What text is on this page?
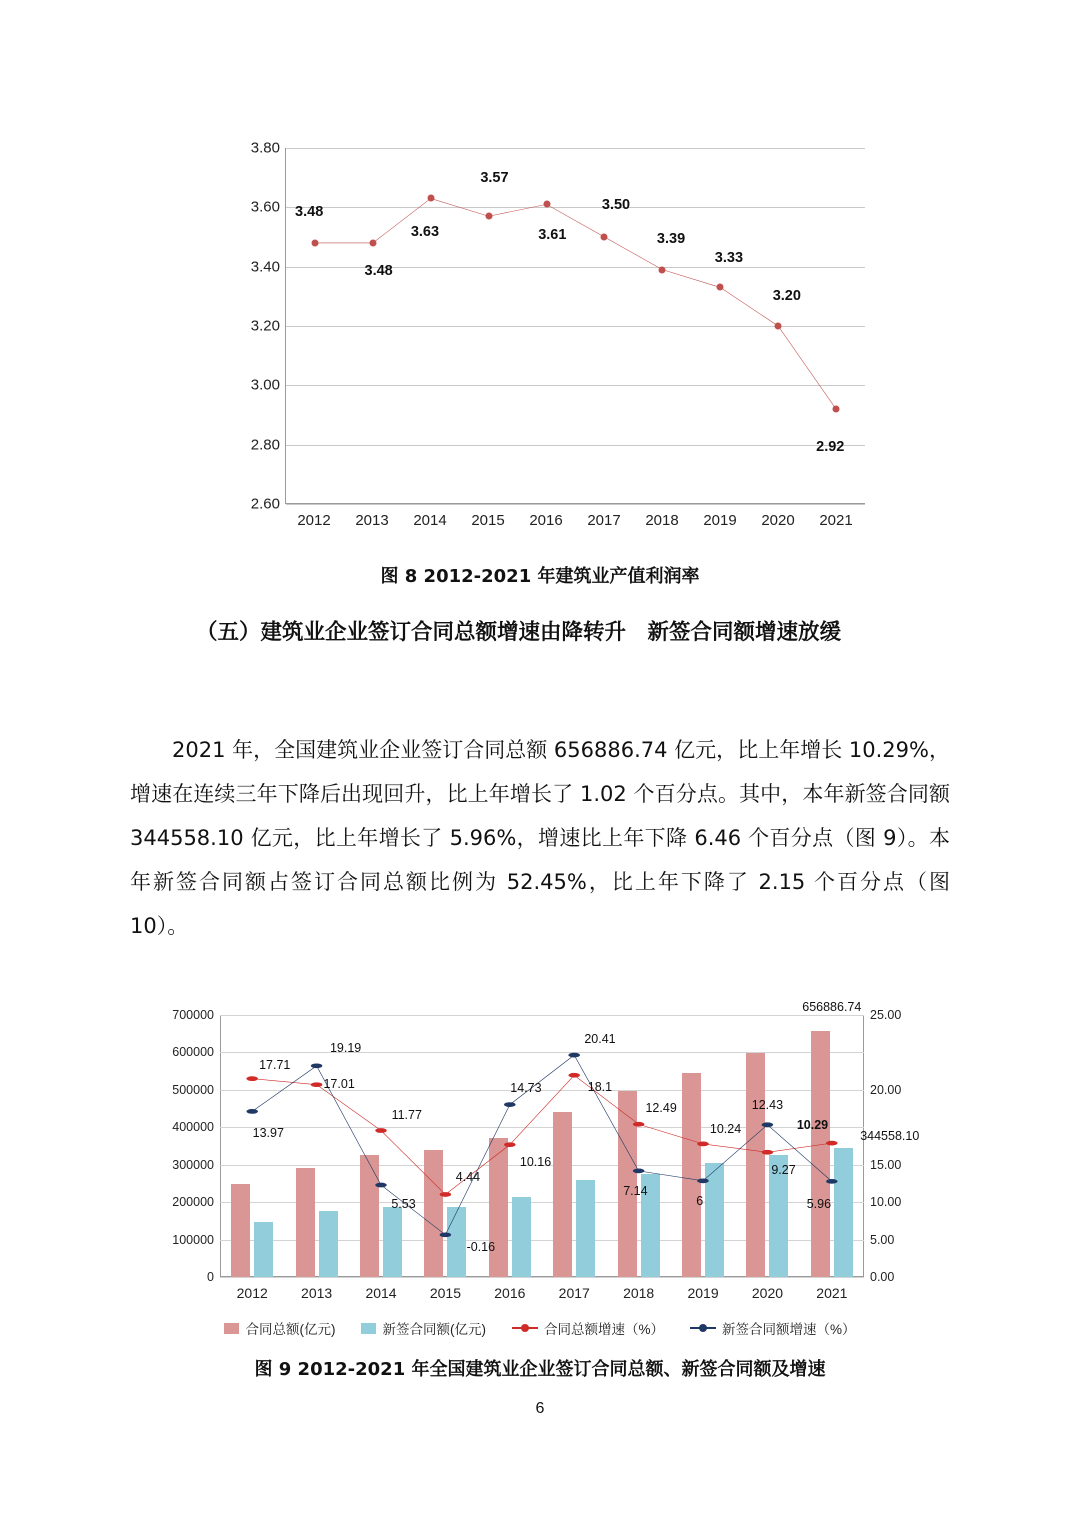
3.80
3.60
3.40
3.20
3.00
2.80
2.60
3.48
3.48
3.63
3.57
3.61
3.50
3.39
3.33
3.20
2.92
2012	2013	2014	2015	2016	2017	2018	2019	2020	2021
图 8 2012-2021 年建筑业产值利润率
（五）建筑业企业签订合同总额增速由降转升　新签合同额增速放缓
2021 年，全国建筑业企业签订合同总额 656886.74 亿元，比上年增长 10.29%，增速在连续三年下降后出现回升，比上年增长了 1.02 个百分点。其中，本年新签合同额 344558.10 亿元，比上年增长了 5.96%，增速比上年下降 6.46 个百分点（图 9）。本年新签合同额占签订合同总额比例为 52.45%，比上年下降了 2.15 个百分点（图 10）。
700000	25.00
600000
500000	20.00
400000
300000	15.00
200000	10.00
100000	5.00
0	0.00
17.71
17.01
11.77
4.44
10.16
18.1
12.49
10.24
9.27
10.29
13.97
19.19
5.53
-0.16
14.73
20.41
7.14
6
12.43
5.96
656886.74
344558.10
2012	2013	2014	2015	2016	2017	2018	2019	2020	2021
合同总额(亿元)	新签合同额(亿元)	合同总额增速（%）	新签合同额增速（%）
图 9 2012-2021 年全国建筑业企业签订合同总额、新签合同额及增速
6
